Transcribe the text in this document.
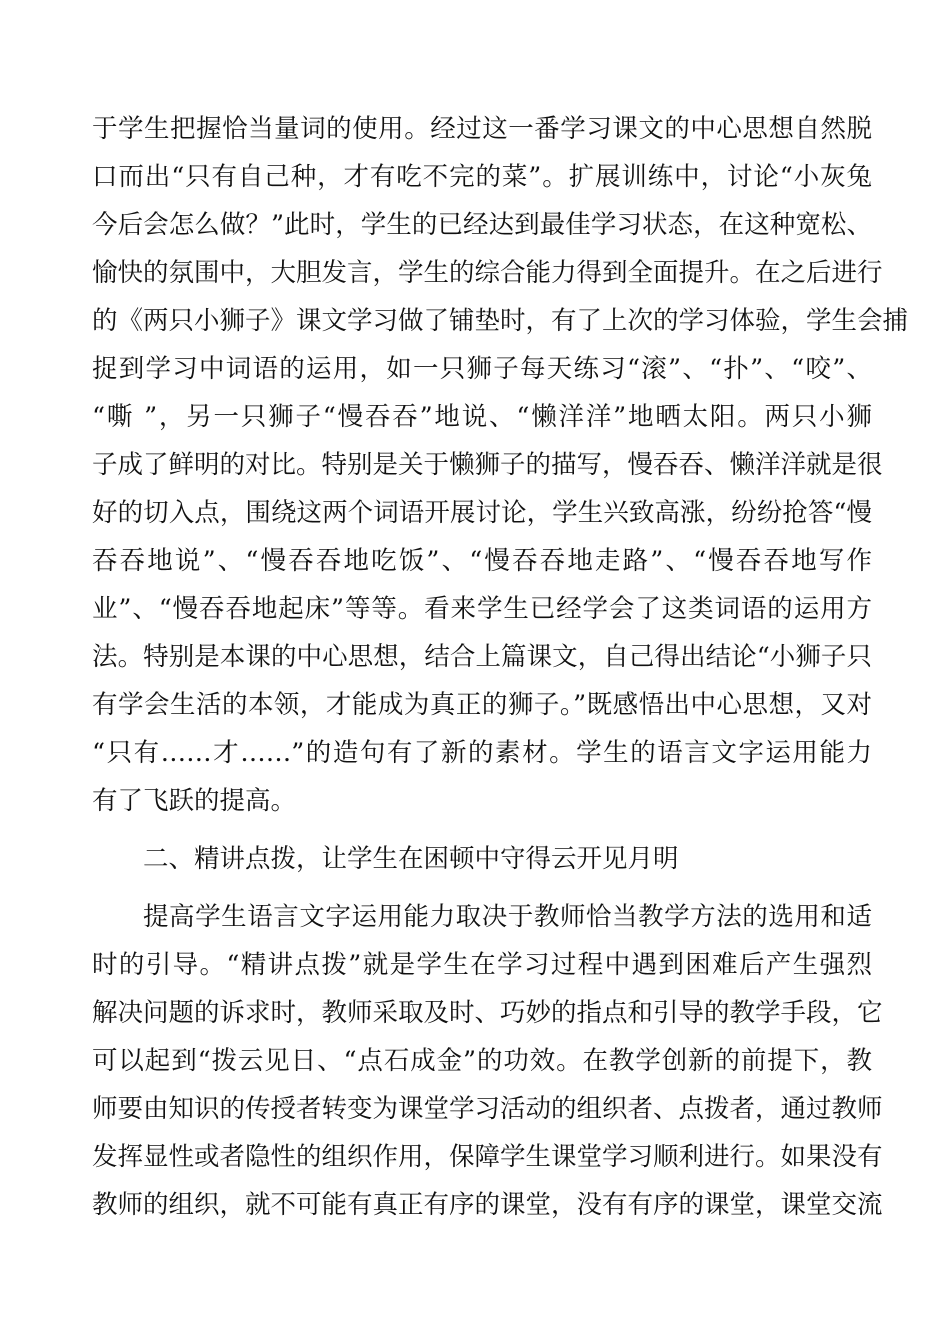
于学生把握恰当量词的使用。经过这一番学习课文的中心思想自然脱
口而出“只有自己种，才有吃不完的菜”。扩展训练中，讨论“小灰兔
今后会怎么做？”此时，学生的已经达到最佳学习状态，在这种宽松、
愉快的氛围中，大胆发言，学生的综合能力得到全面提升。在之后进行
的《两只小狮子》课文学习做了铺垫时，有了上次的学习体验，学生会捕
捉到学习中词语的运用，如一只狮子每天练习“滚”、“扑”、“咬”、
“嘶 ”，另一只狮子“慢吞吞”地说、“懒洋洋”地晒太阳。两只小狮
子成了鲜明的对比。特别是关于懒狮子的描写，慢吞吞、懒洋洋就是很
好的切入点，围绕这两个词语开展讨论，学生兴致高涨，纷纷抢答“慢
吞吞地说”、“慢吞吞地吃饭”、“慢吞吞地走路”、“慢吞吞地写作
业”、“慢吞吞地起床”等等。看来学生已经学会了这类词语的运用方
法。特别是本课的中心思想，结合上篇课文，自己得出结论“小狮子只
有学会生活的本领，才能成为真正的狮子。”既感悟出中心思想，又对
“只有……才……”的造句有了新的素材。学生的语言文字运用能力
有了飞跃的提高。
二、精讲点拨，让学生在困顿中守得云开见月明
提高学生语言文字运用能力取决于教师恰当教学方法的选用和适
时的引导。“精讲点拨”就是学生在学习过程中遇到困难后产生强烈
解决问题的诉求时，教师采取及时、巧妙的指点和引导的教学手段，它
可以起到“拨云见日、“点石成金”的功效。在教学创新的前提下，教
师要由知识的传授者转变为课堂学习活动的组织者、点拨者，通过教师
发挥显性或者隐性的组织作用，保障学生课堂学习顺利进行。如果没有
教师的组织，就不可能有真正有序的课堂，没有有序的课堂，课堂交流
